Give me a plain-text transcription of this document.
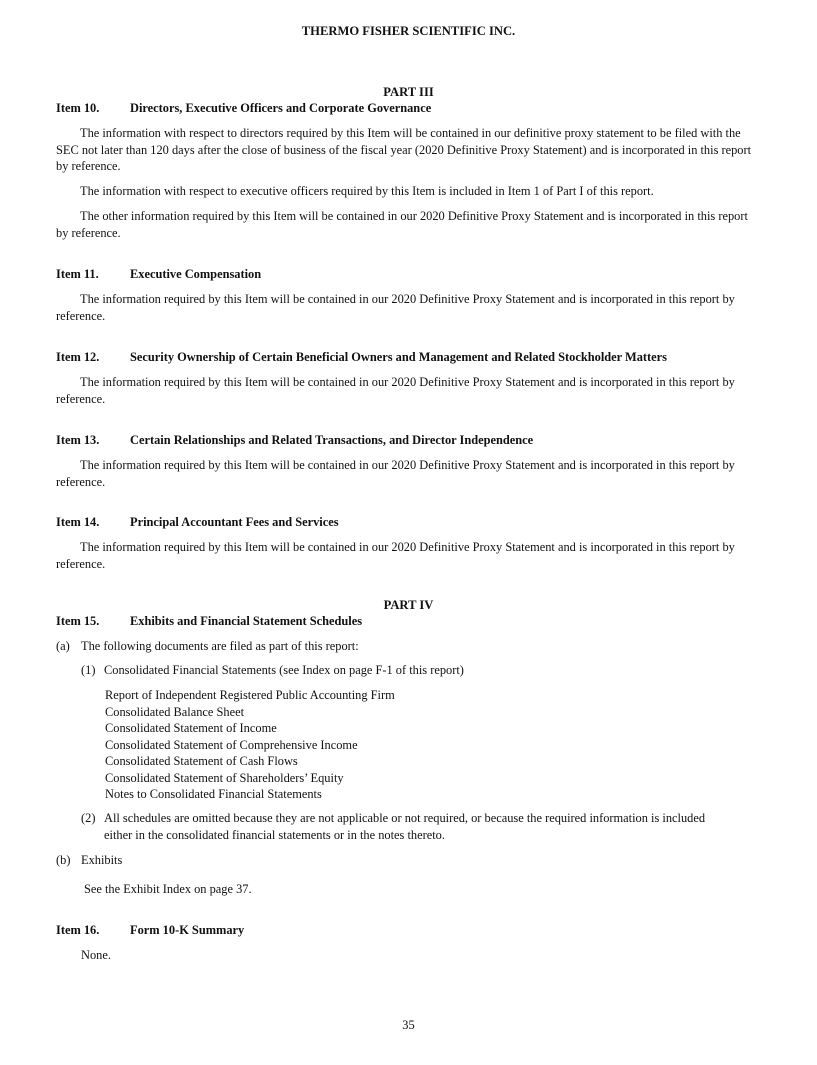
THERMO FISHER SCIENTIFIC INC.
PART III
Item 10. Directors, Executive Officers and Corporate Governance
The information with respect to directors required by this Item will be contained in our definitive proxy statement to be filed with the SEC not later than 120 days after the close of business of the fiscal year (2020 Definitive Proxy Statement) and is incorporated in this report by reference.
The information with respect to executive officers required by this Item is included in Item 1 of Part I of this report.
The other information required by this Item will be contained in our 2020 Definitive Proxy Statement and is incorporated in this report by reference.
Item 11.	Executive Compensation
The information required by this Item will be contained in our 2020 Definitive Proxy Statement and is incorporated in this report by reference.
Item 12. Security Ownership of Certain Beneficial Owners and Management and Related Stockholder Matters
The information required by this Item will be contained in our 2020 Definitive Proxy Statement and is incorporated in this report by reference.
Item 13. Certain Relationships and Related Transactions, and Director Independence
The information required by this Item will be contained in our 2020 Definitive Proxy Statement and is incorporated in this report by reference.
Item 14. Principal Accountant Fees and Services
The information required by this Item will be contained in our 2020 Definitive Proxy Statement and is incorporated in this report by reference.
PART IV
Item 15. Exhibits and Financial Statement Schedules
(a) The following documents are filed as part of this report:
(1) Consolidated Financial Statements (see Index on page F-1 of this report)
Report of Independent Registered Public Accounting Firm
Consolidated Balance Sheet
Consolidated Statement of Income
Consolidated Statement of Comprehensive Income
Consolidated Statement of Cash Flows
Consolidated Statement of Shareholders’ Equity
Notes to Consolidated Financial Statements
(2) All schedules are omitted because they are not applicable or not required, or because the required information is included either in the consolidated financial statements or in the notes thereto.
(b) Exhibits
See the Exhibit Index on page 37.
Item 16. Form 10-K Summary
None.
35
